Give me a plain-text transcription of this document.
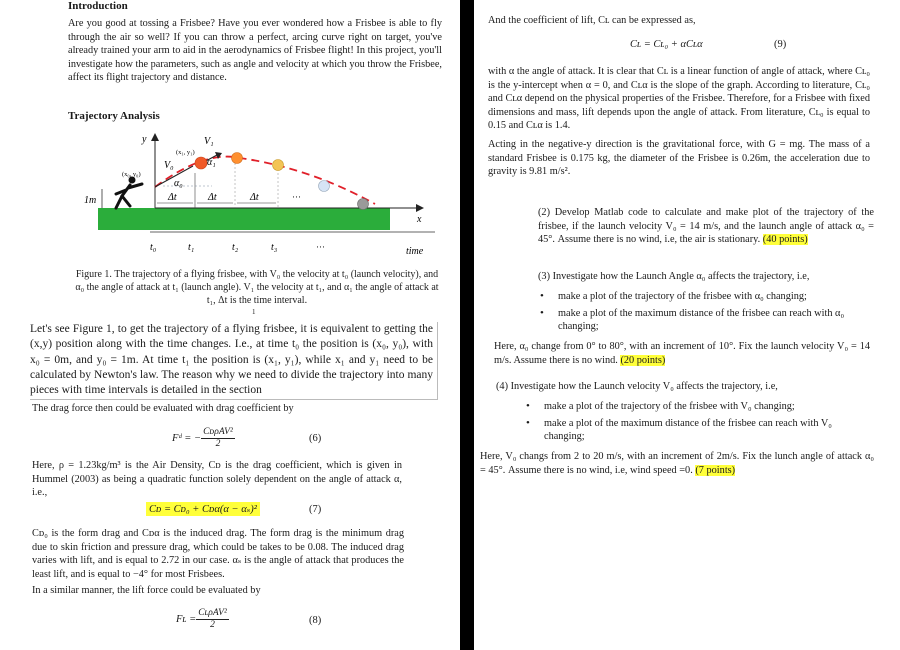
Introduction
Are you good at tossing a Frisbee? Have you ever wondered how a Frisbee is able to fly through the air so well? If you can throw a perfect, arcing curve right on target, you've already trained your arm to aid in the aerodynamics of Frisbee flight! In this project, you'll investigate how the parameters, such as angle and velocity at which you throw the Frisbee, affect its flight trajectory and distance.
Trajectory Analysis
y
x
(x₀, y₀)
(x₁, y₁)
V₀
V₁
α₀
α₁
1m	Δt	Δt	Δt	···
t₀	t₁	t₂	t₃	···	time
Figure 1. The trajectory of a flying frisbee, with V₀ the velocity at t₀ (launch velocity), and α₀ the angle of attack at t₁ (launch angle). V₁ the velocity at t₁, and α₁ the angle of attack at t₁, Δt is the time interval.
1
Let's see Figure 1, to get the trajectory of a flying frisbee, it is equivalent to getting the (x,y) position along with the time changes. I.e., at time t₀ the position is (x₀, y₀), with x₀ = 0m, and y₀ = 1m. At time t₁ the position is (x₁, y₁), while x₁ and y₁ need to be calculated by Newton's law. The reason why we need to divide the trajectory into many pieces with time intervals is detailed in the section
The drag force then could be evaluated with drag coefficient by
Fᵈ = − $\frac{\text{CᴅρAV²}}{2}$	(6)
Here, ρ = 1.23kg/m³ is the Air Density, Cᴅ is the drag coefficient, which is given in Hummel (2003) as being a quadratic function solely dependent on the angle of attack α, i.e.,
Cᴅ = Cᴅ₀ + Cᴅα(α − αₛ)²	(7)
Cᴅ₀ is the form drag and Cᴅα is the induced drag. The form drag is the minimum drag due to skin friction and pressure drag, which could be takes to be 0.08. The induced drag varies with lift, and is equal to 2.72 in our case. αₛ is the angle of attack that produces the least lift, and is equal to −4° for most Frisbees.
In a similar manner, the lift force could be evaluated by
Fʟ = $\frac{\text{CʟρAV²}}{2}$	(8)
And the coefficient of lift, Cʟ can be expressed as,
Cʟ = Cʟ₀ + αCʟα	(9)
with α the angle of attack. It is clear that Cʟ is a linear function of angle of attack, where Cʟ₀ is the y-intercept when α = 0, and Cʟα is the slope of the graph. According to literature, Cʟ₀ and Cʟα depend on the physical properties of the Frisbee. Therefore, for a Frisbee with fixed dimensions and mass, lift depends upon the angle of attack. From literature, Cʟ₀ is equal to 0.15 and Cʟα is 1.4.
Acting in the negative-y direction is the gravitational force, with G = mg. The mass of a standard Frisbee is 0.175 kg, the diameter of the Frisbee is 0.26m, the acceleration due to gravity is 9.81 m/s².
(2) Develop Matlab code to calculate and make plot of the trajectory of the frisbee, if the launch velocity V₀ = 14 m/s, and the launch angle of attack α₀ = 45°. Assume there is no wind, i.e, the air is stationary. (40 points)
(3) Investigate how the Launch Angle α₀ affects the trajectory, i.e,
•	make a plot of the trajectory of the frisbee with α₀ changing;
•	make a plot of the maximum distance of the frisbee can reach with α₀ changing;
Here, α₀ change from 0° to 80°, with an increment of 10°. Fix the launch velocity V₀ = 14 m/s. Assume there is no wind. (20 points)
(4) Investigate how the Launch velocity V₀ affects the trajectory, i.e,
•	make a plot of the trajectory of the frisbee with V₀ changing;
•	make a plot of the maximum distance of the frisbee can reach with V₀ changing;
Here, V₀ changs from 2 to 20 m/s, with an increment of 2m/s. Fix the lunch angle of attack α₀ = 45°. Assume there is no wind, i.e, wind speed =0. (7 points)
